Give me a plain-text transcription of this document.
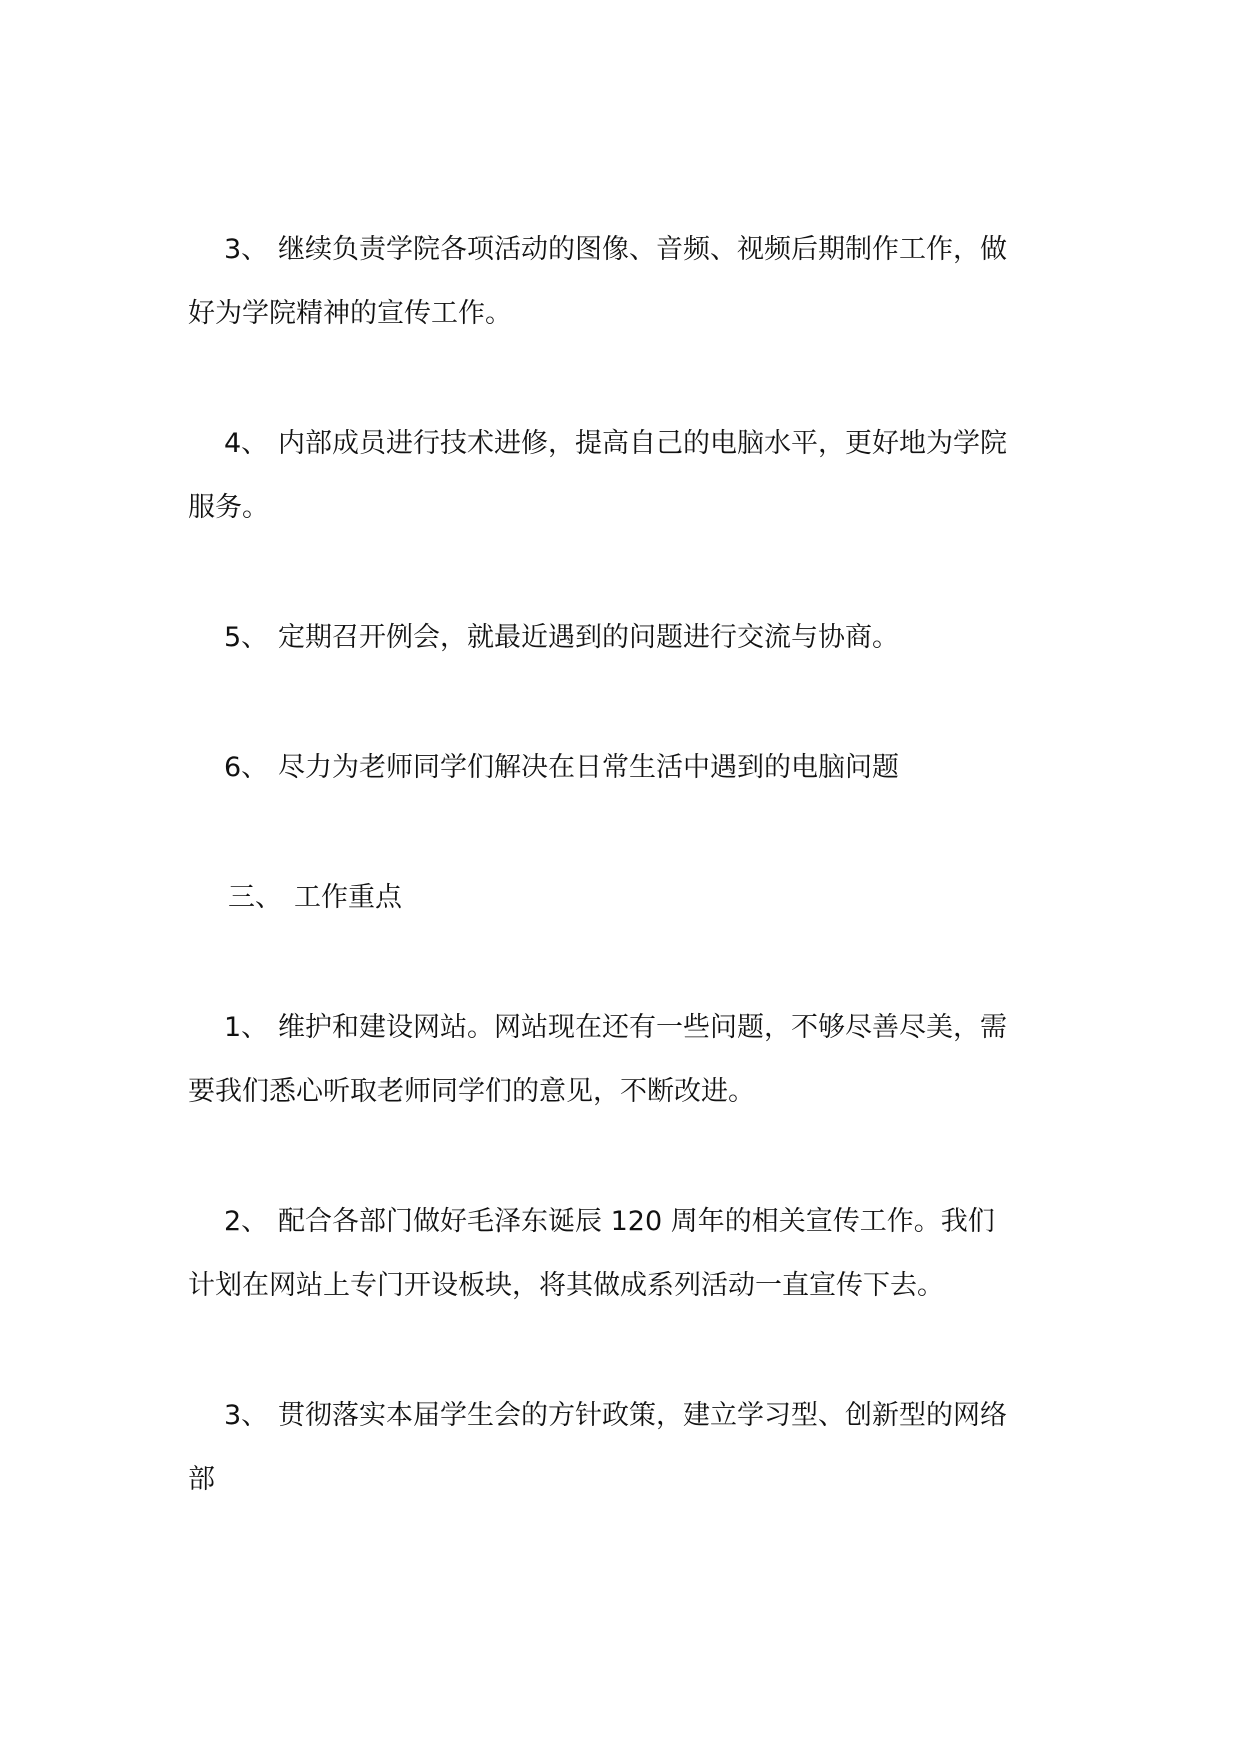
3、 继续负责学院各项活动的图像、音频、视频后期制作工作，做
好为学院精神的宣传工作。
4、 内部成员进行技术进修，提高自己的电脑水平，更好地为学院
服务。
5、 定期召开例会，就最近遇到的问题进行交流与协商。
6、 尽力为老师同学们解决在日常生活中遇到的电脑问题
三、 工作重点
1、 维护和建设网站。网站现在还有一些问题，不够尽善尽美，需
要我们悉心听取老师同学们的意见，不断改进。
2、 配合各部门做好毛泽东诞辰 120 周年的相关宣传工作。我们
计划在网站上专门开设板块，将其做成系列活动一直宣传下去。
3、 贯彻落实本届学生会的方针政策，建立学习型、创新型的网络
部
